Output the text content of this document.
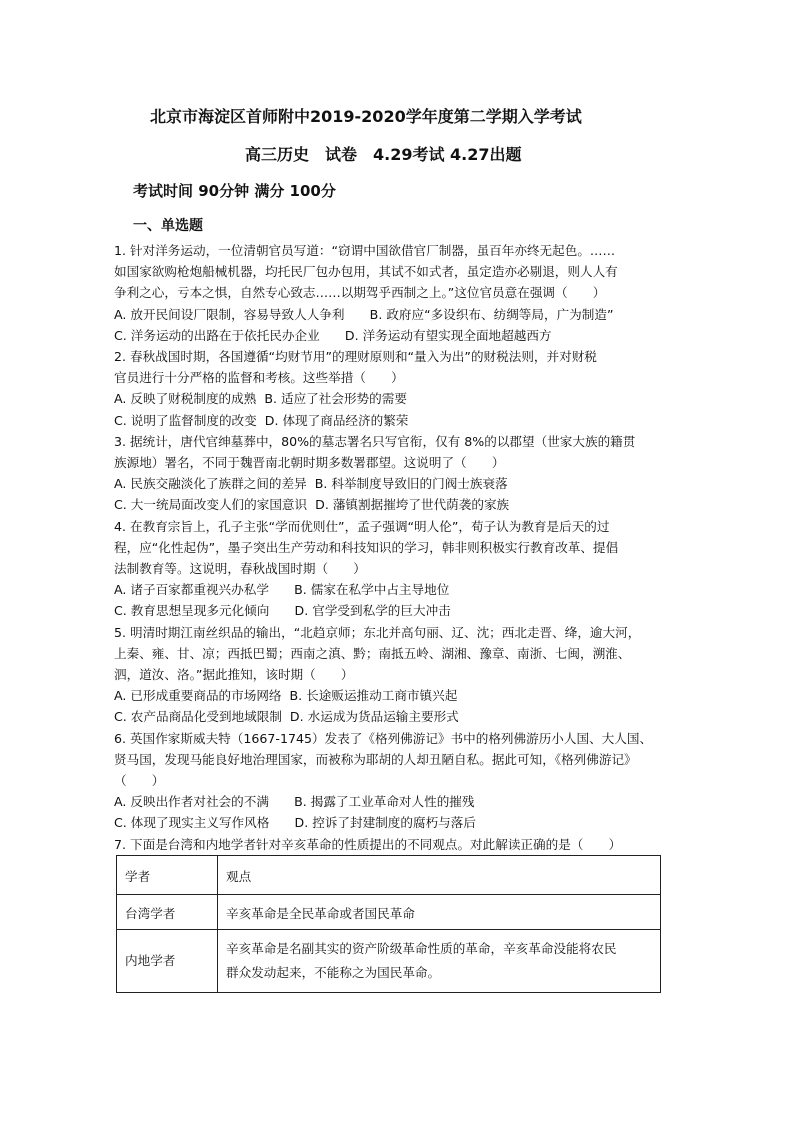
北京市海淀区首师附中2019-2020学年度第二学期入学考试
高三历史　试卷　4.29考试 4.27出题
考试时间 90分钟 满分 100分
一、单选题

1. 针对洋务运动，一位清朝官员写道：“窃谓中国欲借官厂制器，虽百年亦终无起色。……

如国家欲购枪炮船械机器，均托民厂包办包用，其试不如式者，虽定造亦必剔退，则人人有

争利之心，亏本之惧，自然专心致志……以期驾乎西制之上。”这位官员意在强调（　　）

A. 放开民间设厂限制，容易导致人人争利　　B. 政府应“多设织布、纺绸等局，广为制造”

C. 洋务运动的出路在于依托民办企业　　D. 洋务运动有望实现全面地超越西方

2. 春秋战国时期，各国遵循“均财节用”的理财原则和“量入为出”的财税法则，并对财税

官员进行十分严格的监督和考核。这些举措（　　）

A. 反映了财税制度的成熟  B. 适应了社会形势的需要

C. 说明了监督制度的改变  D. 体现了商品经济的繁荣

3. 据统计，唐代官绅墓葬中，80%的墓志署名只写官衔，仅有 8%的以郡望（世家大族的籍贯

族源地）署名，不同于魏晋南北朝时期多数署郡望。这说明了（　　）

A. 民族交融淡化了族群之间的差异  B. 科举制度导致旧的门阀士族衰落

C. 大一统局面改变人们的家国意识  D. 藩镇割据摧垮了世代荫袭的家族

4. 在教育宗旨上，孔子主张“学而优则仕”，孟子强调“明人伦”，荀子认为教育是后天的过

程，应“化性起伪”，墨子突出生产劳动和科技知识的学习，韩非则积极实行教育改革、提倡

法制教育等。这说明，春秋战国时期（　　）

A. 诸子百家都重视兴办私学　　B. 儒家在私学中占主导地位

C. 教育思想呈现多元化倾向　　D. 官学受到私学的巨大冲击

5. 明清时期江南丝织品的输出，“北趋京师；东北并高句丽、辽、沈；西北走晋、绛，逾大河，

上秦、雍、甘、凉；西抵巴蜀；西南之滇、黔；南抵五岭、湖湘、豫章、南浙、七闽，溯淮、

泗，道汝、洛。”据此推知，该时期（　　）

A. 已形成重要商品的市场网络  B. 长途贩运推动工商市镇兴起

C. 农产品商品化受到地域限制  D. 水运成为货品运输主要形式

6. 英国作家斯威夫特（1667-1745）发表了《格列佛游记》书中的格列佛游历小人国、大人国、

贤马国，发现马能良好地治理国家，而被称为耶胡的人却丑陋自私。据此可知，《格列佛游记》

（　　）

A. 反映出作者对社会的不满　　B. 揭露了工业革命对人性的摧残

C. 体现了现实主义写作风格　　D. 控诉了封建制度的腐朽与落后

7. 下面是台湾和内地学者针对辛亥革命的性质提出的不同观点。对此解读正确的是（　　）

学者	观点
台湾学者	辛亥革命是全民革命或者国民革命
内地学者	辛亥革命是名副其实的资产阶级革命性质的革命，辛亥革命没能将农民
群众发动起来，不能称之为国民革命。
